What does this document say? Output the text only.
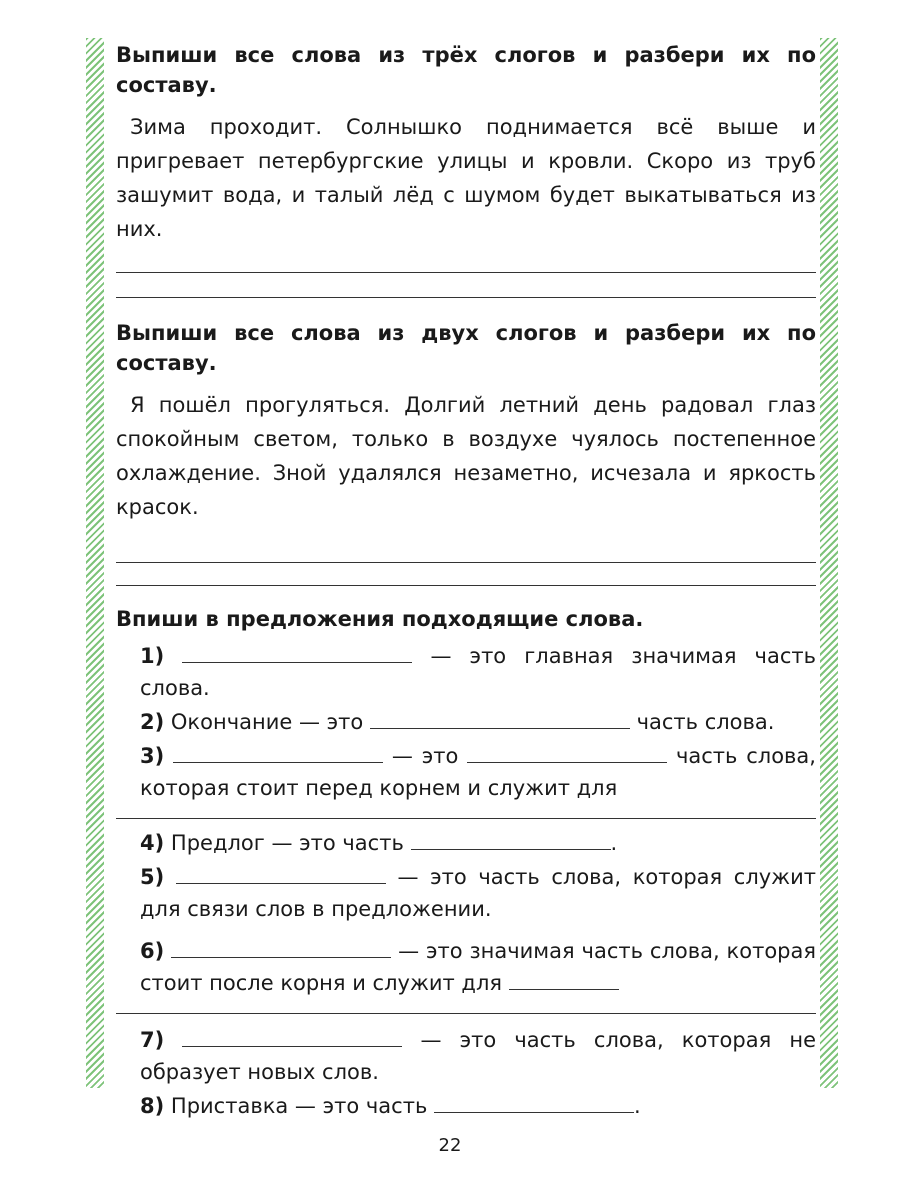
Выпиши все слова из трёх слогов и разбери их по составу.

Зима проходит. Солнышко поднимается всё выше и пригревает петербургские улицы и кровли. Скоро из труб зашумит вода, и талый лёд с шумом будет выкатываться из них.

Выпиши все слова из двух слогов и разбери их по составу.

Я пошёл прогуляться. Долгий летний день радовал глаз спокойным светом, только в воздухе чуялось постепенное охлаждение. Зной удалялся незаметно, исчезала и яркость красок.

Впиши в предложения подходящие слова.

1)	— это главная значимая часть слова.

2) Окончание — это	часть слова.

3)	— это	часть слова, которая стоит перед корнем и служит для

4) Предлог — это часть	.

5)	— это часть слова, которая служит для связи слов в предложении.

6)	— это значимая часть слова, которая стоит после корня и служит для

7)	— это часть слова, которая не образует новых слов.

8) Приставка — это часть	.

22
